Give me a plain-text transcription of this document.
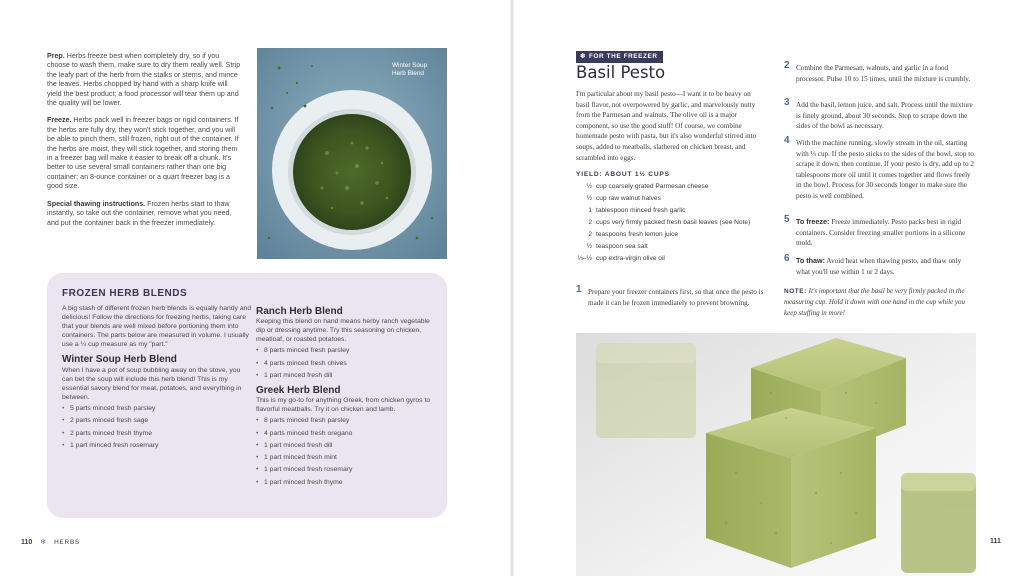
Prep. Herbs freeze best when completely dry, so if you choose to wash them, make sure to dry them really well. Strip the leafy part of the herb from the stalks or stems, and mince the leaves. Herbs chopped by hand with a sharp knife will yield the best product; a food processor will tear them up and the quality will be lower.

Freeze. Herbs pack well in freezer bags or rigid containers. If the herbs are fully dry, they won't stick together, and you will be able to pinch them, still frozen, right out of the container. If the herbs are moist, they will stick together, and storing them in a freezer bag will make it easier to break off a chunk. It's better to use several small containers rather than one big container; an 8-ounce container or a quart freezer bag is a good size.

Special thawing instructions. Frozen herbs start to thaw instantly, so take out the container, remove what you need, and put the container back in the freezer immediately.

Winter Soup Herb Blend
FROZEN HERB BLENDS
A big stash of different frozen herb blends is equally handy and delicious! Follow the directions for freezing herbs, taking care that your blends are well mixed before portioning them into containers. The parts below are measured in volume. I usually use a ¼ cup measure as my "part."
Winter Soup Herb Blend
When I have a pot of soup bubbling away on the stove, you can bet the soup will include this herb blend! This is my essential savory blend for meat, potatoes, and everything in between.
• 5 parts minced fresh parsley
• 2 parts minced fresh sage
• 2 parts minced fresh thyme
• 1 part minced fresh rosemary
Ranch Herb Blend
Keeping this blend on hand means herby ranch vegetable dip or dressing anytime. Try this seasoning on chicken, meatloaf, or roasted potatoes.
• 8 parts minced fresh parsley
• 4 parts minced fresh chives
• 1 part minced fresh dill
Greek Herb Blend
This is my go-to for anything Greek, from chicken gyros to flavorful meatballs. Try it on chicken and lamb.
• 8 parts minced fresh parsley
• 4 parts minced fresh oregano
• 1 part minced fresh dill
• 1 part minced fresh mint
• 1 part minced fresh rosemary
• 1 part minced fresh thyme
110 ❄ HERBS
❄ FOR THE FREEZER
Basil Pesto
I'm particular about my basil pesto—I want it to be heavy on basil flavor, not overpowered by garlic, and marvelously nutty from the Parmesan and walnuts. The olive oil is a major component, so use the good stuff! Of course, we combine homemade pesto with pasta, but it's also wonderful stirred into soups, added to meatballs, slathered on chicken breast, and scrambled into eggs.
YIELD: ABOUT 1½ CUPS
½ cup coarsely grated Parmesan cheese
½ cup raw walnut halves
1 tablespoon minced fresh garlic
2 cups very firmly packed fresh basil leaves (see Note)
2 teaspoons fresh lemon juice
½ teaspoon sea salt
⅓–½ cup extra-virgin olive oil
1 Prepare your freezer containers first, so that once the pesto is made it can be frozen immediately to prevent browning.
2 Combine the Parmesan, walnuts, and garlic in a food processor. Pulse 10 to 15 times, until the mixture is crumbly.
3 Add the basil, lemon juice, and salt. Process until the mixture is finely ground, about 30 seconds. Stop to scrape down the sides of the bowl as necessary.
4 With the machine running, slowly stream in the oil, starting with ⅓ cup. If the pesto sticks to the sides of the bowl, stop to scrape it down, then continue. If your pesto is dry, add up to 2 tablespoons more oil until it comes together and flows freely in the bowl. Process for 30 seconds longer to make sure the pesto is well combined.
5 To freeze: Freeze immediately. Pesto packs best in rigid containers. Consider freezing smaller portions in a silicone mold.
6 To thaw: Avoid heat when thawing pesto, and thaw only what you'll use within 1 or 2 days.
NOTE: It's important that the basil be very firmly packed in the measuring cup. Hold it down with one hand in the cup while you keep stuffing in more!
111
